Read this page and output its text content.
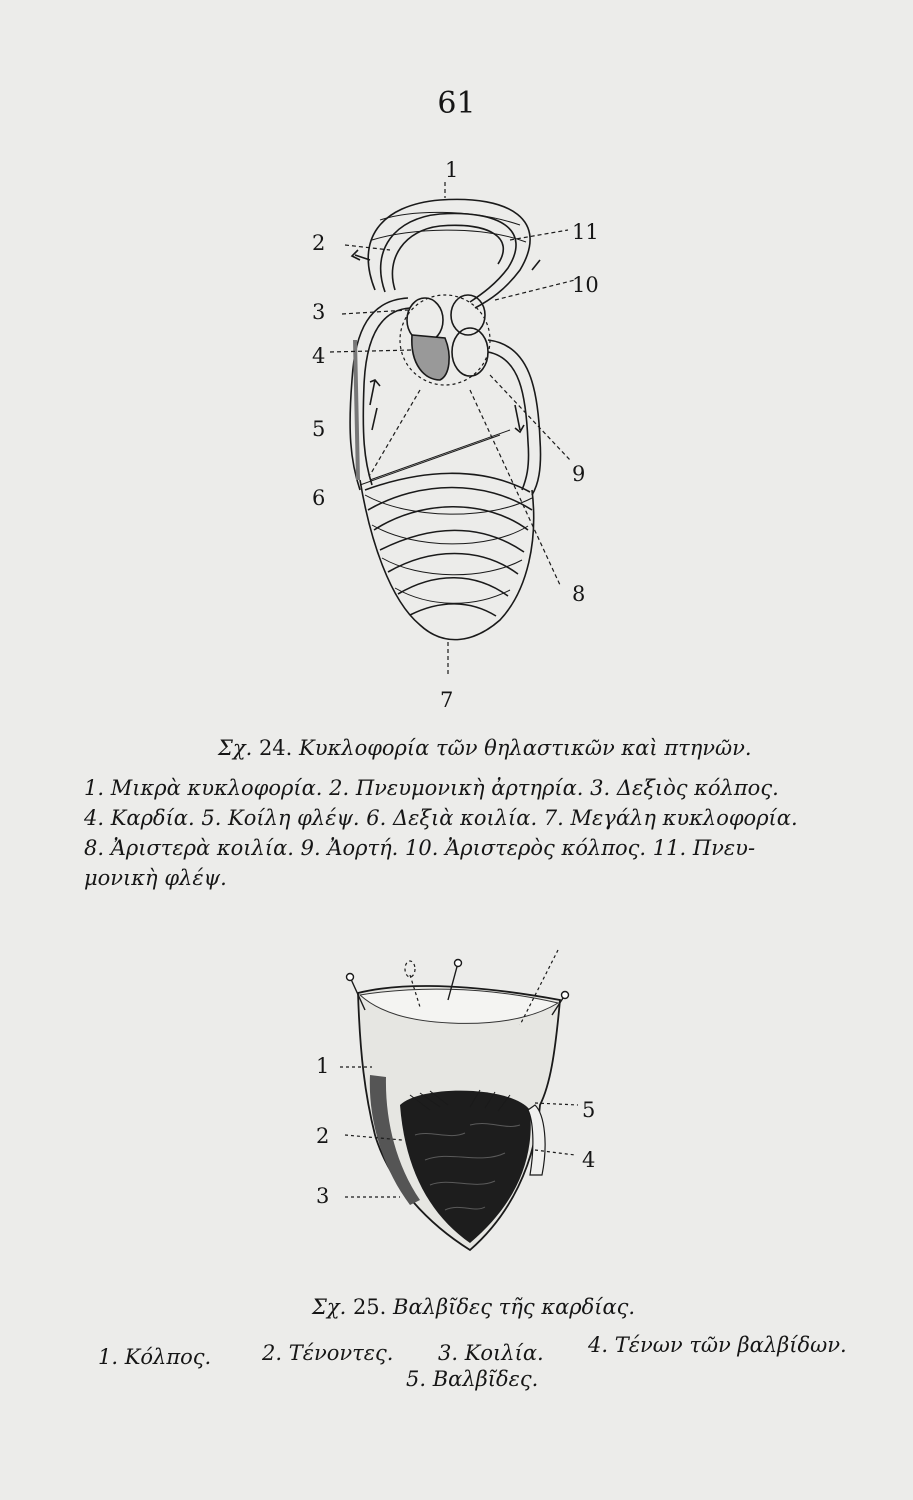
61
1
2
3
4
5
6
7
8
9
10
11
Σχ. 24. Κυκλοφορία τῶν θηλαστικῶν καὶ πτηνῶν.
1. Μικρὰ κυκλοφορία. 2. Πνευμονικὴ ἀρτηρία. 3. Δεξιὸς κόλπος.
4. Καρδία. 5. Κοίλη φλέψ. 6. Δεξιὰ κοιλία. 7. Μεγάλη κυκλοφορία.
8. Ἀριστερὰ κοιλία. 9. Ἀορτή. 10. Ἀριστερὸς κόλπος. 11. Πνευ-
μονικὴ φλέψ.
1
2
3
4
5
Σχ. 25. Βαλβῖδες τῆς καρδίας.
1. Κόλπος. 2. Τένοντες. 3. Κοιλία. 4. Τένων τῶν βαλβίδων.
5. Βαλβῖδες.
